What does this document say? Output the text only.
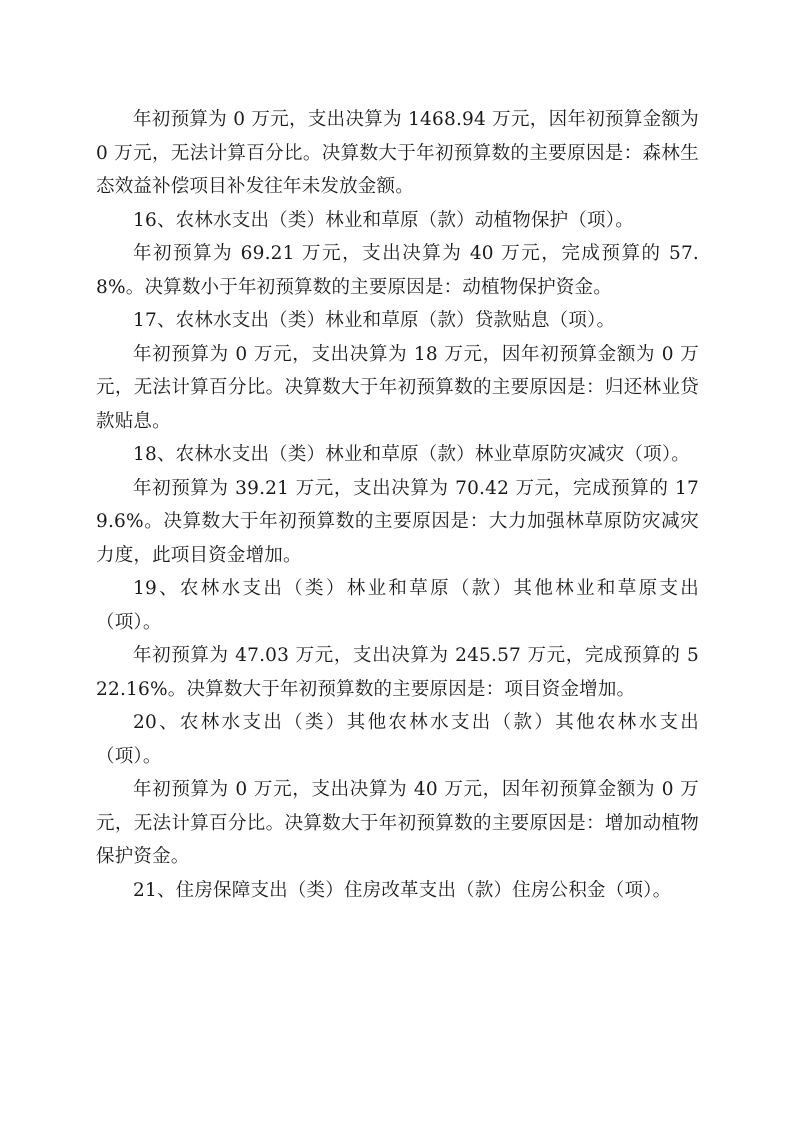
年初预算为 0 万元，支出决算为 1468.94 万元，因年初预算金额为 0 万元，无法计算百分比。决算数大于年初预算数的主要原因是：森林生态效益补偿项目补发往年未发放金额。

16、农林水支出（类）林业和草原（款）动植物保护（项）。

年初预算为 69.21 万元，支出决算为 40 万元，完成预算的 57.8%。决算数小于年初预算数的主要原因是：动植物保护资金。

17、农林水支出（类）林业和草原（款）贷款贴息（项）。

年初预算为 0 万元，支出决算为 18 万元，因年初预算金额为 0 万元，无法计算百分比。决算数大于年初预算数的主要原因是：归还林业贷款贴息。

18、农林水支出（类）林业和草原（款）林业草原防灾减灾（项）。

年初预算为 39.21 万元，支出决算为 70.42 万元，完成预算的 179.6%。决算数大于年初预算数的主要原因是：大力加强林草原防灾减灾力度，此项目资金增加。

19、农林水支出（类）林业和草原（款）其他林业和草原支出（项）。

年初预算为 47.03 万元，支出决算为 245.57 万元，完成预算的 522.16%。决算数大于年初预算数的主要原因是：项目资金增加。

20、农林水支出（类）其他农林水支出（款）其他农林水支出（项）。

年初预算为 0 万元，支出决算为 40 万元，因年初预算金额为 0 万元，无法计算百分比。决算数大于年初预算数的主要原因是：增加动植物保护资金。

21、住房保障支出（类）住房改革支出（款）住房公积金（项）。
